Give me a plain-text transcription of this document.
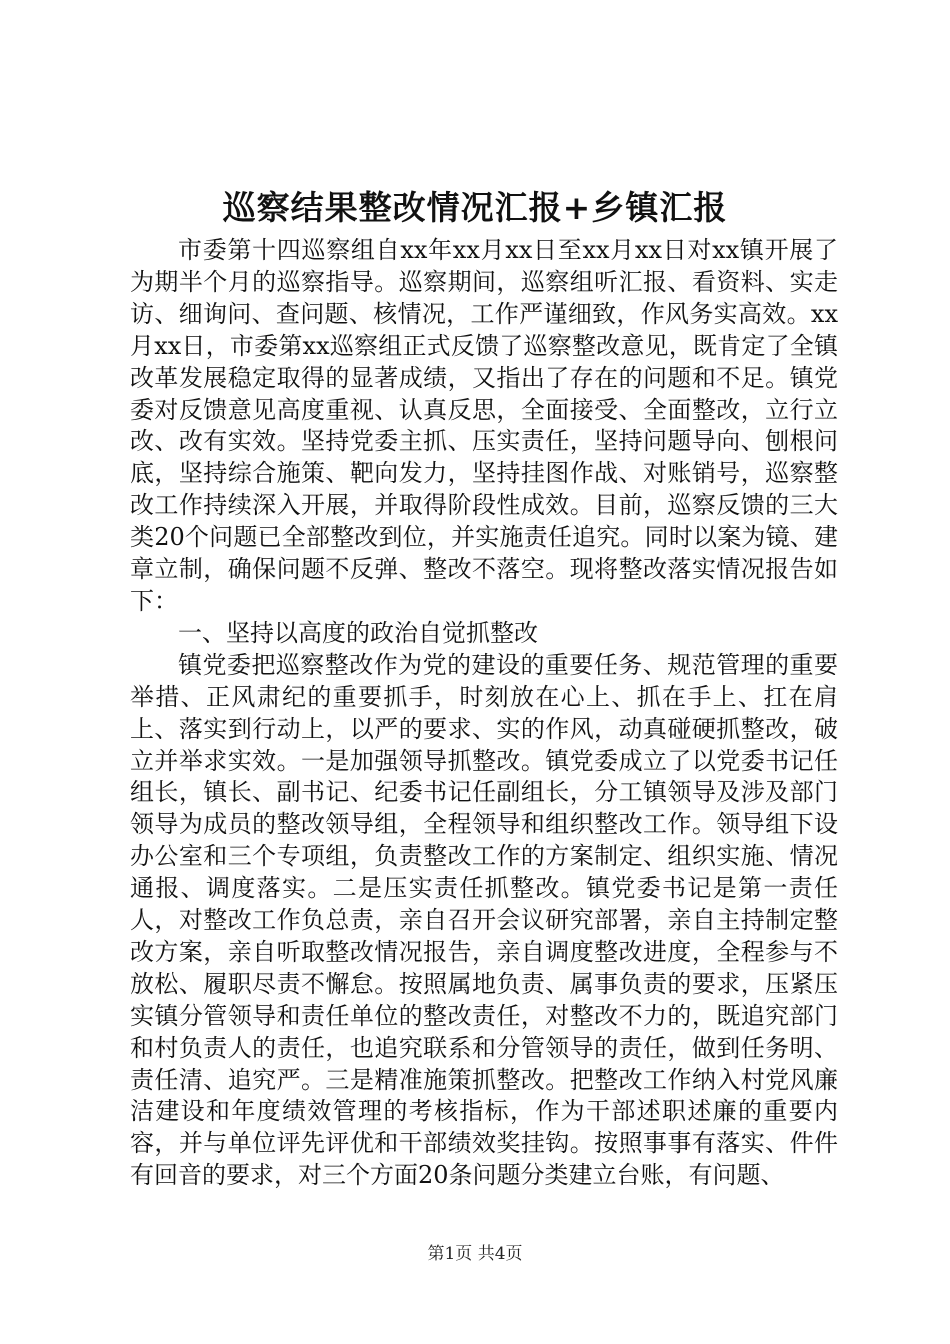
巡察结果整改情况汇报+乡镇汇报

市委第十四巡察组自xx年xx月xx日至xx月xx日对xx镇开展了为期半个月的巡察指导。巡察期间，巡察组听汇报、看资料、实走访、细询问、查问题、核情况，工作严谨细致，作风务实高效。xx月xx日，市委第xx巡察组正式反馈了巡察整改意见，既肯定了全镇改革发展稳定取得的显著成绩，又指出了存在的问题和不足。镇党委对反馈意见高度重视、认真反思，全面接受、全面整改，立行立改、改有实效。坚持党委主抓、压实责任，坚持问题导向、刨根问底，坚持综合施策、靶向发力，坚持挂图作战、对账销号，巡察整改工作持续深入开展，并取得阶段性成效。目前，巡察反馈的三大类20个问题已全部整改到位，并实施责任追究。同时以案为镜、建章立制，确保问题不反弹、整改不落空。现将整改落实情况报告如下：

一、坚持以高度的政治自觉抓整改

镇党委把巡察整改作为党的建设的重要任务、规范管理的重要举措、正风肃纪的重要抓手，时刻放在心上、抓在手上、扛在肩上、落实到行动上，以严的要求、实的作风，动真碰硬抓整改，破立并举求实效。一是加强领导抓整改。镇党委成立了以党委书记任组长，镇长、副书记、纪委书记任副组长，分工镇领导及涉及部门领导为成员的整改领导组，全程领导和组织整改工作。领导组下设办公室和三个专项组，负责整改工作的方案制定、组织实施、情况通报、调度落实。二是压实责任抓整改。镇党委书记是第一责任人，对整改工作负总责，亲自召开会议研究部署，亲自主持制定整改方案，亲自听取整改情况报告，亲自调度整改进度，全程参与不放松、履职尽责不懈怠。按照属地负责、属事负责的要求，压紧压实镇分管领导和责任单位的整改责任，对整改不力的，既追究部门和村负责人的责任，也追究联系和分管领导的责任，做到任务明、责任清、追究严。三是精准施策抓整改。把整改工作纳入村党风廉洁建设和年度绩效管理的考核指标，作为干部述职述廉的重要内容，并与单位评先评优和干部绩效奖挂钩。按照事事有落实、件件有回音的要求，对三个方面20条问题分类建立台账，有问题、

第1页 共4页
